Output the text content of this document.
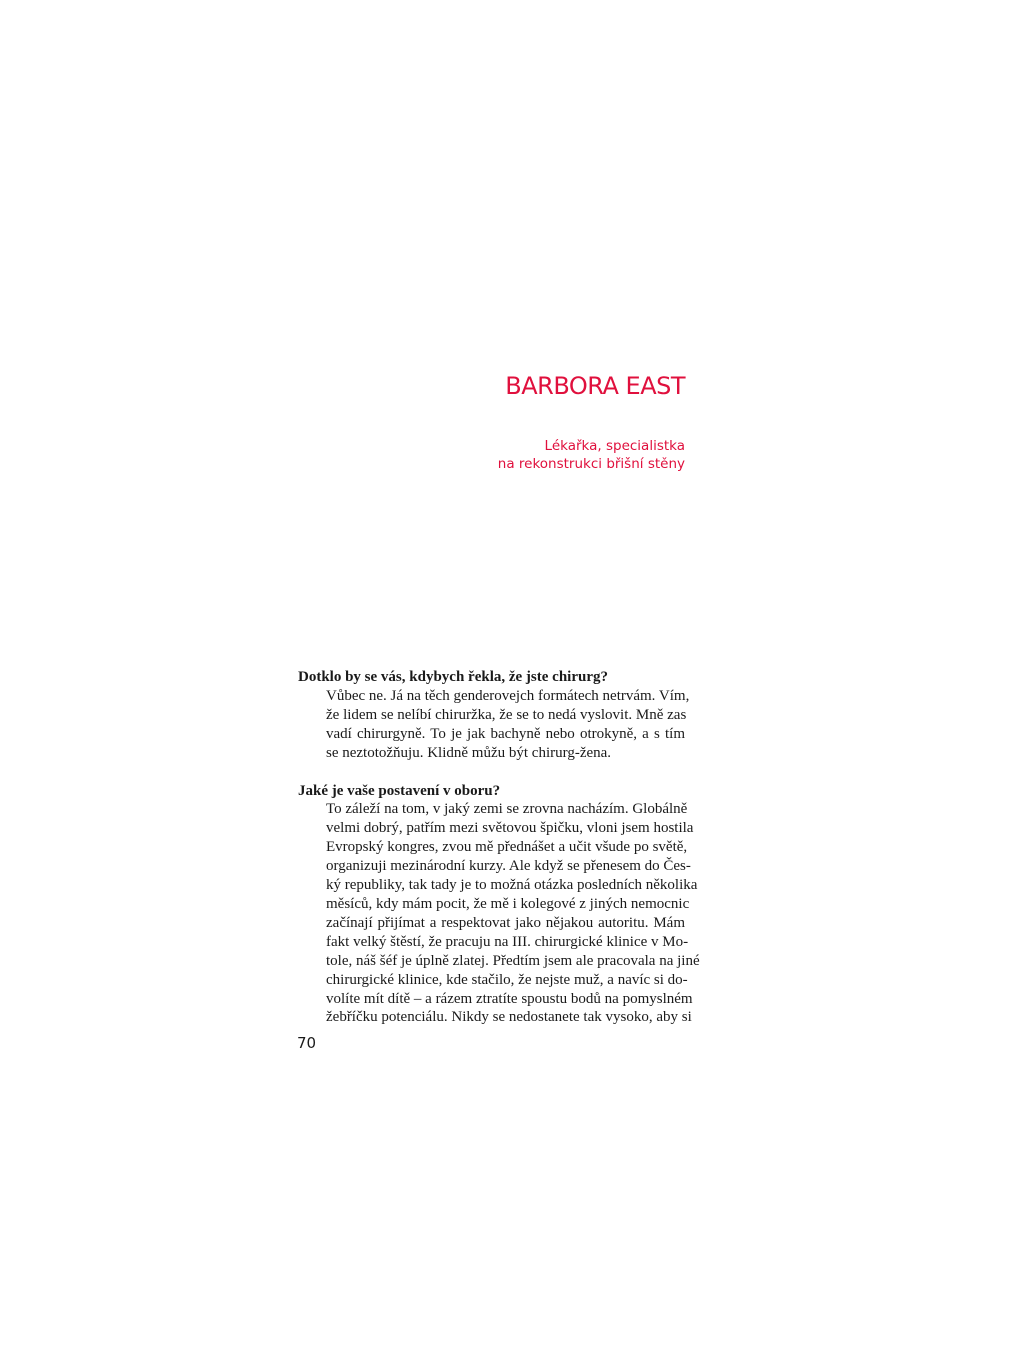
BARBORA EAST
Lékařka, specialistka
na rekonstrukci břišní stěny

Dotklo by se vás, kdybych řekla, že jste chirurg?

Vůbec ne. Já na těch genderovejch formátech netrvám. Vím,
že lidem se nelíbí chiruržka, že se to nedá vyslovit. Mně zas
vadí chirurgyně. To je jak bachyně nebo otrokyně, a s tím
se neztotožňuju. Klidně můžu být chirurg-žena.

Jaké je vaše postavení v oboru?

To záleží na tom, v jaký zemi se zrovna nacházím. Globálně
velmi dobrý, patřím mezi světovou špičku, vloni jsem hostila
Evropský kongres, zvou mě přednášet a učit všude po světě,
organizuji mezinárodní kurzy. Ale když se přenesem do Čes-
ký republiky, tak tady je to možná otázka posledních několika
měsíců, kdy mám pocit, že mě i kolegové z jiných nemocnic
začínají přijímat a respektovat jako nějakou autoritu. Mám
fakt velký štěstí, že pracuju na III. chirurgické klinice v Mo-
tole, náš šéf je úplně zlatej. Předtím jsem ale pracovala na jiné
chirurgické klinice, kde stačilo, že nejste muž, a navíc si do-
volíte mít dítě – a rázem ztratíte spoustu bodů na pomyslném
žebříčku potenciálu. Nikdy se nedostanete tak vysoko, aby si

70
